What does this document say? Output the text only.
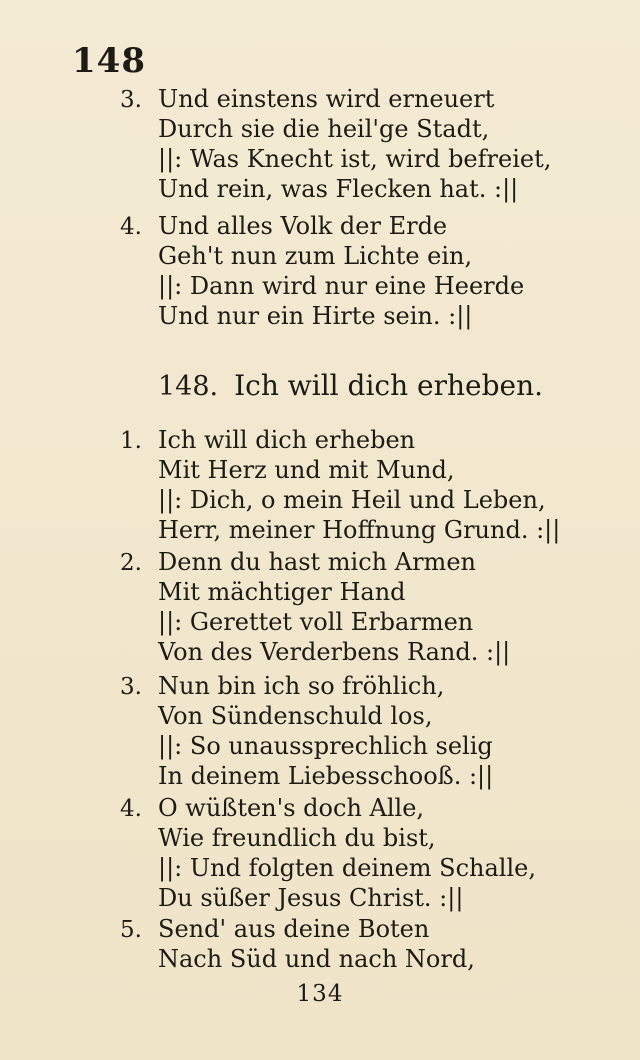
148
3. Und einstens wird erneuert
Durch sie die heil'ge Stadt,
||: Was Knecht ist, wird befreiet,
Und rein, was Flecken hat. :||
4. Und alles Volk der Erde
Geh't nun zum Lichte ein,
||: Dann wird nur eine Heerde
Und nur ein Hirte sein. :||
148. Ich will dich erheben.
1. Ich will dich erheben
Mit Herz und mit Mund,
||: Dich, o mein Heil und Leben,
Herr, meiner Hoffnung Grund. :||
2. Denn du hast mich Armen
Mit mächtiger Hand
||: Gerettet voll Erbarmen
Von des Verderbens Rand. :||
3. Nun bin ich so fröhlich,
Von Sündenschuld los,
||: So unaussprechlich selig
In deinem Liebesschooß. :||
4. O wüßten's doch Alle,
Wie freundlich du bist,
||: Und folgten deinem Schalle,
Du süßer Jesus Christ. :||
5. Send' aus deine Boten
Nach Süd und nach Nord,
134
